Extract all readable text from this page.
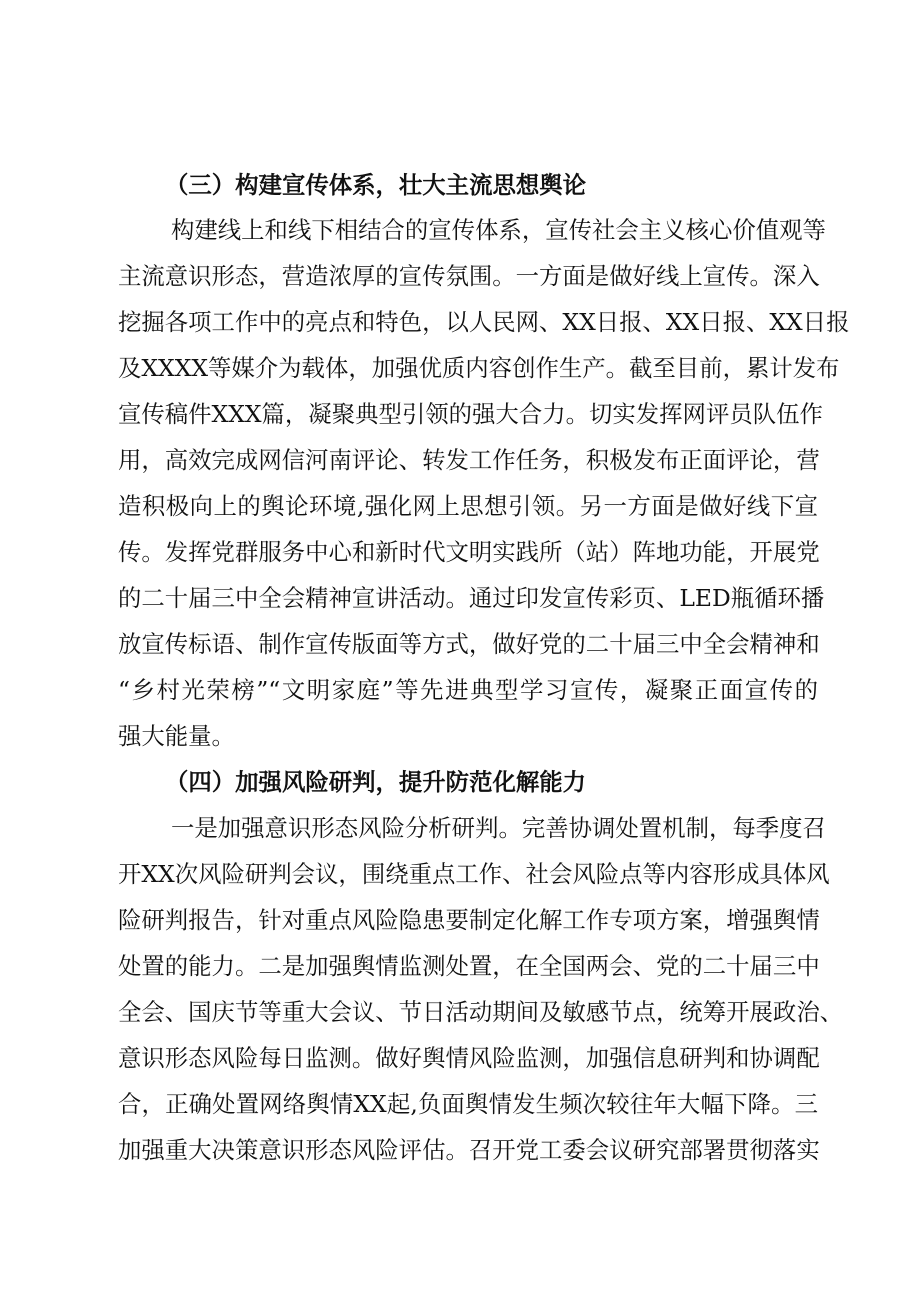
（三）构建宣传体系，壮大主流思想舆论
构建线上和线下相结合的宣传体系，宣传社会主义核心价值观等
主流意识形态，营造浓厚的宣传氛围。一方面是做好线上宣传。深入
挖掘各项工作中的亮点和特色，以人民网、XX日报、XX日报、XX日报
及XXXX等媒介为载体，加强优质内容创作生产。截至目前，累计发布
宣传稿件XXX篇，凝聚典型引领的强大合力。切实发挥网评员队伍作
用，高效完成网信河南评论、转发工作任务，积极发布正面评论，营
造积极向上的舆论环境,强化网上思想引领。另一方面是做好线下宣
传。发挥党群服务中心和新时代文明实践所（站）阵地功能，开展党
的二十届三中全会精神宣讲活动。通过印发宣传彩页、LED瓶循环播
放宣传标语、制作宣传版面等方式，做好党的二十届三中全会精神和
“乡村光荣榜”“文明家庭”等先进典型学习宣传，凝聚正面宣传的
强大能量。
（四）加强风险研判，提升防范化解能力
一是加强意识形态风险分析研判。完善协调处置机制，每季度召
开XX次风险研判会议，围绕重点工作、社会风险点等内容形成具体风
险研判报告，针对重点风险隐患要制定化解工作专项方案，增强舆情
处置的能力。二是加强舆情监测处置，在全国两会、党的二十届三中
全会、国庆节等重大会议、节日活动期间及敏感节点，统筹开展政治、
意识形态风险每日监测。做好舆情风险监测，加强信息研判和协调配
合，正确处置网络舆情XX起,负面舆情发生频次较往年大幅下降。三
加强重大决策意识形态风险评估。召开党工委会议研究部署贯彻落实
